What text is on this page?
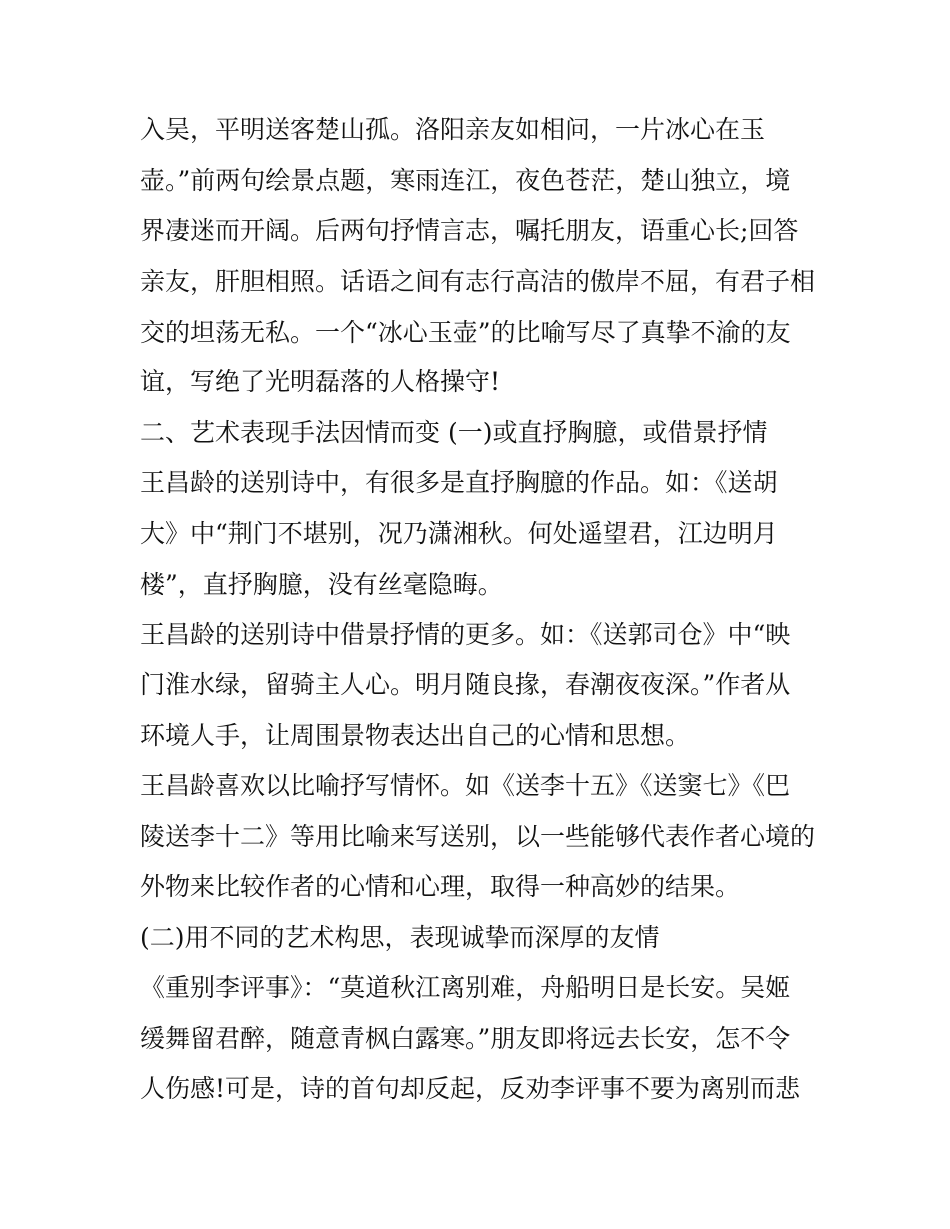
入吴，平明送客楚山孤。洛阳亲友如相问，一片冰心在玉
壶。”前两句绘景点题，寒雨连江，夜色苍茫，楚山独立，境
界凄迷而开阔。后两句抒情言志，嘱托朋友，语重心长;回答
亲友，肝胆相照。话语之间有志行高洁的傲岸不屈，有君子相
交的坦荡无私。一个“冰心玉壶”的比喻写尽了真挚不渝的友
谊，写绝了光明磊落的人格操守!
二、艺术表现手法因情而变 (一)或直抒胸臆，或借景抒情
王昌龄的送别诗中，有很多是直抒胸臆的作品。如：《送胡
大》中“荆门不堪别，况乃潇湘秋。何处遥望君，江边明月
楼”，直抒胸臆，没有丝毫隐晦。
王昌龄的送别诗中借景抒情的更多。如：《送郭司仓》中“映
门淮水绿，留骑主人心。明月随良掾，春潮夜夜深。”作者从
环境人手，让周围景物表达出自己的心情和思想。
王昌龄喜欢以比喻抒写情怀。如《送李十五》《送窦七》《巴
陵送李十二》等用比喻来写送别，以一些能够代表作者心境的
外物来比较作者的心情和心理，取得一种高妙的结果。
(二)用不同的艺术构思，表现诚挚而深厚的友情
《重别李评事》：“莫道秋江离别难，舟船明日是长安。吴姬
缓舞留君醉，随意青枫白露寒。”朋友即将远去长安，怎不令
人伤感!可是，诗的首句却反起，反劝李评事不要为离别而悲
